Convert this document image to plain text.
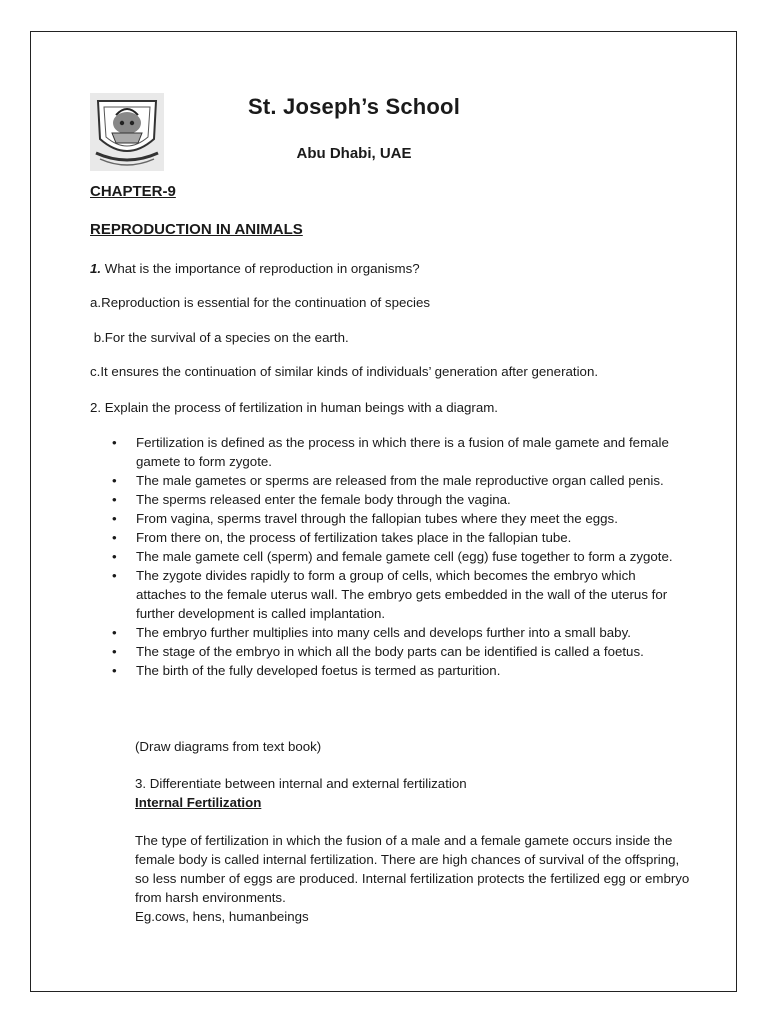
St. Joseph’s School
Abu Dhabi, UAE
CHAPTER-9
REPRODUCTION IN ANIMALS
1. What is the importance of reproduction in organisms?
a.Reproduction is essential for the continuation of species
b.For the survival of a species on the earth.
c.It ensures the continuation of similar kinds of individuals’ generation after generation.
2. Explain the process of fertilization in human beings with a diagram.
• Fertilization is defined as the process in which there is a fusion of male gamete and female gamete to form zygote.
• The male gametes or sperms are released from the male reproductive organ called penis.
• The sperms released enter the female body through the vagina.
• From vagina, sperms travel through the fallopian tubes where they meet the eggs.
• From there on, the process of fertilization takes place in the fallopian tube.
• The male gamete cell (sperm) and female gamete cell (egg) fuse together to form a zygote.
• The zygote divides rapidly to form a group of cells, which becomes the embryo which attaches to the female uterus wall. The embryo gets embedded in the wall of the uterus for further development is called implantation.
• The embryo further multiplies into many cells and develops further into a small baby.
• The stage of the embryo in which all the body parts can be identified is called a foetus.
• The birth of the fully developed foetus is termed as parturition.
(Draw diagrams from text book)
3. Differentiate between internal and external fertilization
Internal Fertilization
The type of fertilization in which the fusion of a male and a female gamete occurs inside the female body is called internal fertilization. There are high chances of survival of the offspring, so less number of eggs are produced. Internal fertilization protects the fertilized egg or embryo from harsh environments.
Eg.cows, hens, humanbeings
